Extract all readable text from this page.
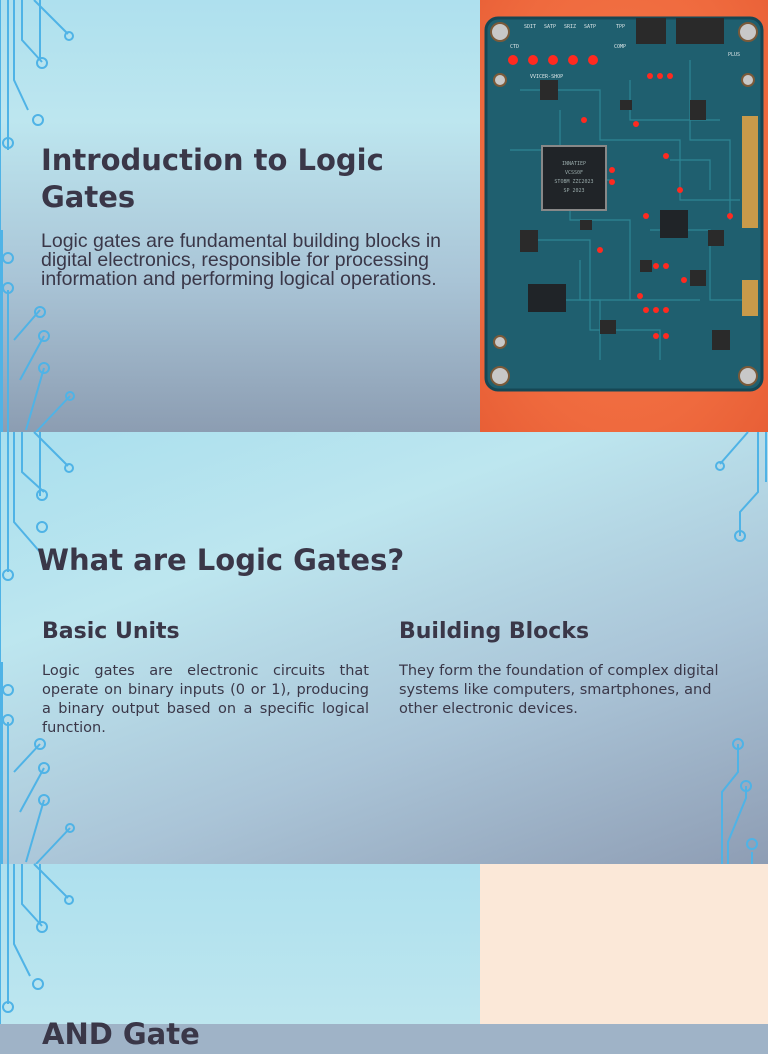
Introduction to Logic Gates

Logic gates are fundamental building blocks in digital electronics, responsible for processing information and performing logical operations.

INNATIEP
VCSS0F
STOBM ZZC2023
SP 2023
SDIT SATP SRIZ SATP	TPP
CTD	COMP
PLUS
VVICER-SHOP
What are Logic Gates?
Basic Units

Logic gates are electronic circuits that operate on binary inputs (0 or 1), producing a binary output based on a specific logical function.

Building Blocks

They form the foundation of complex digital systems like computers, smartphones, and other electronic devices.

AND Gate
